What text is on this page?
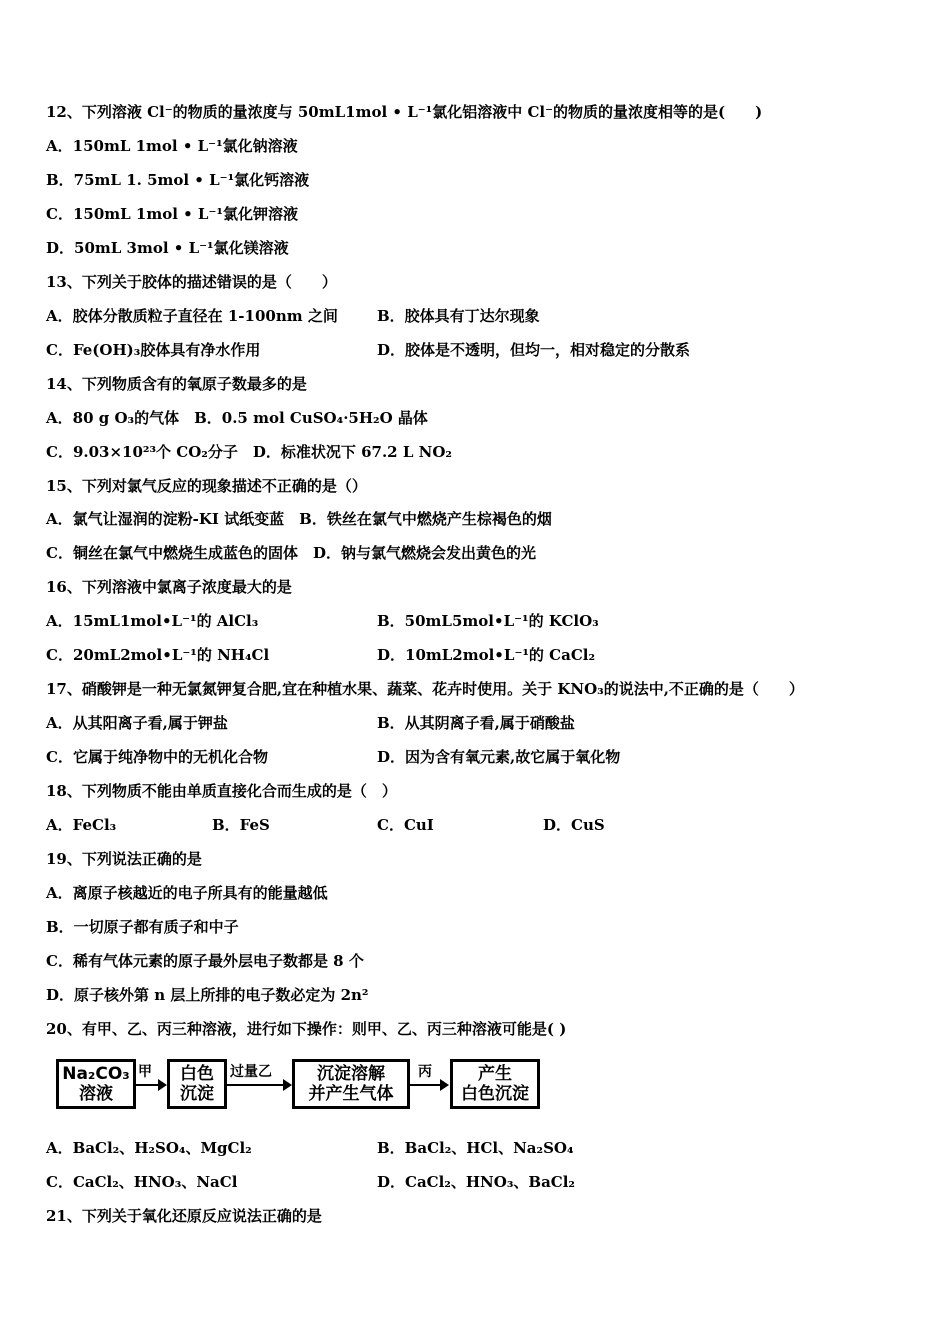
12、下列溶液 Cl⁻的物质的量浓度与 50mL1mol • L⁻¹氯化铝溶液中 Cl⁻的物质的量浓度相等的是(　　)
A．150mL 1mol • L⁻¹氯化钠溶液
B．75mL 1. 5mol • L⁻¹氯化钙溶液
C．150mL 1mol • L⁻¹氯化钾溶液
D．50mL 3mol • L⁻¹氯化镁溶液
13、下列关于胶体的描述错误的是（　　）
A．胶体分散质粒子直径在 1-100nm 之间	B．胶体具有丁达尔现象
C．Fe(OH)₃胶体具有净水作用	D．胶体是不透明，但均一，相对稳定的分散系
14、下列物质含有的氧原子数最多的是
A．80 g O₃的气体　B．0.5 mol CuSO₄·5H₂O 晶体
C．9.03×10²³个 CO₂分子　D．标准状况下 67.2 L NO₂
15、下列对氯气反应的现象描述不正确的是（）
A．氯气让湿润的淀粉-KI 试纸变蓝　B．铁丝在氯气中燃烧产生棕褐色的烟
C．铜丝在氯气中燃烧生成蓝色的固体　D．钠与氯气燃烧会发出黄色的光
16、下列溶液中氯离子浓度最大的是
A．15mL1mol•L⁻¹的 AlCl₃	B．50mL5mol•L⁻¹的 KClO₃
C．20mL2mol•L⁻¹的 NH₄Cl	D．10mL2mol•L⁻¹的 CaCl₂
17、硝酸钾是一种无氯氮钾复合肥,宜在种植水果、蔬菜、花卉时使用。关于 KNO₃的说法中,不正确的是（　　）
A．从其阳离子看,属于钾盐	B．从其阴离子看,属于硝酸盐
C．它属于纯净物中的无机化合物	D．因为含有氧元素,故它属于氧化物
18、下列物质不能由单质直接化合而生成的是（　）
A．FeCl₃	B．FeS	C．CuI	D．CuS
19、下列说法正确的是
A．离原子核越近的电子所具有的能量越低
B．一切原子都有质子和中子
C．稀有气体元素的原子最外层电子数都是 8 个
D．原子核外第 n 层上所排的电子数必定为 2n²
20、有甲、乙、丙三种溶液，进行如下操作：则甲、乙、丙三种溶液可能是( )
Na₂CO₃
溶液
甲 白色
沉淀
过量乙	沉淀溶解
并产生气体
丙	产生
白色沉淀
A．BaCl₂、H₂SO₄、MgCl₂	B．BaCl₂、HCl、Na₂SO₄
C．CaCl₂、HNO₃、NaCl	D．CaCl₂、HNO₃、BaCl₂
21、下列关于氧化还原反应说法正确的是
